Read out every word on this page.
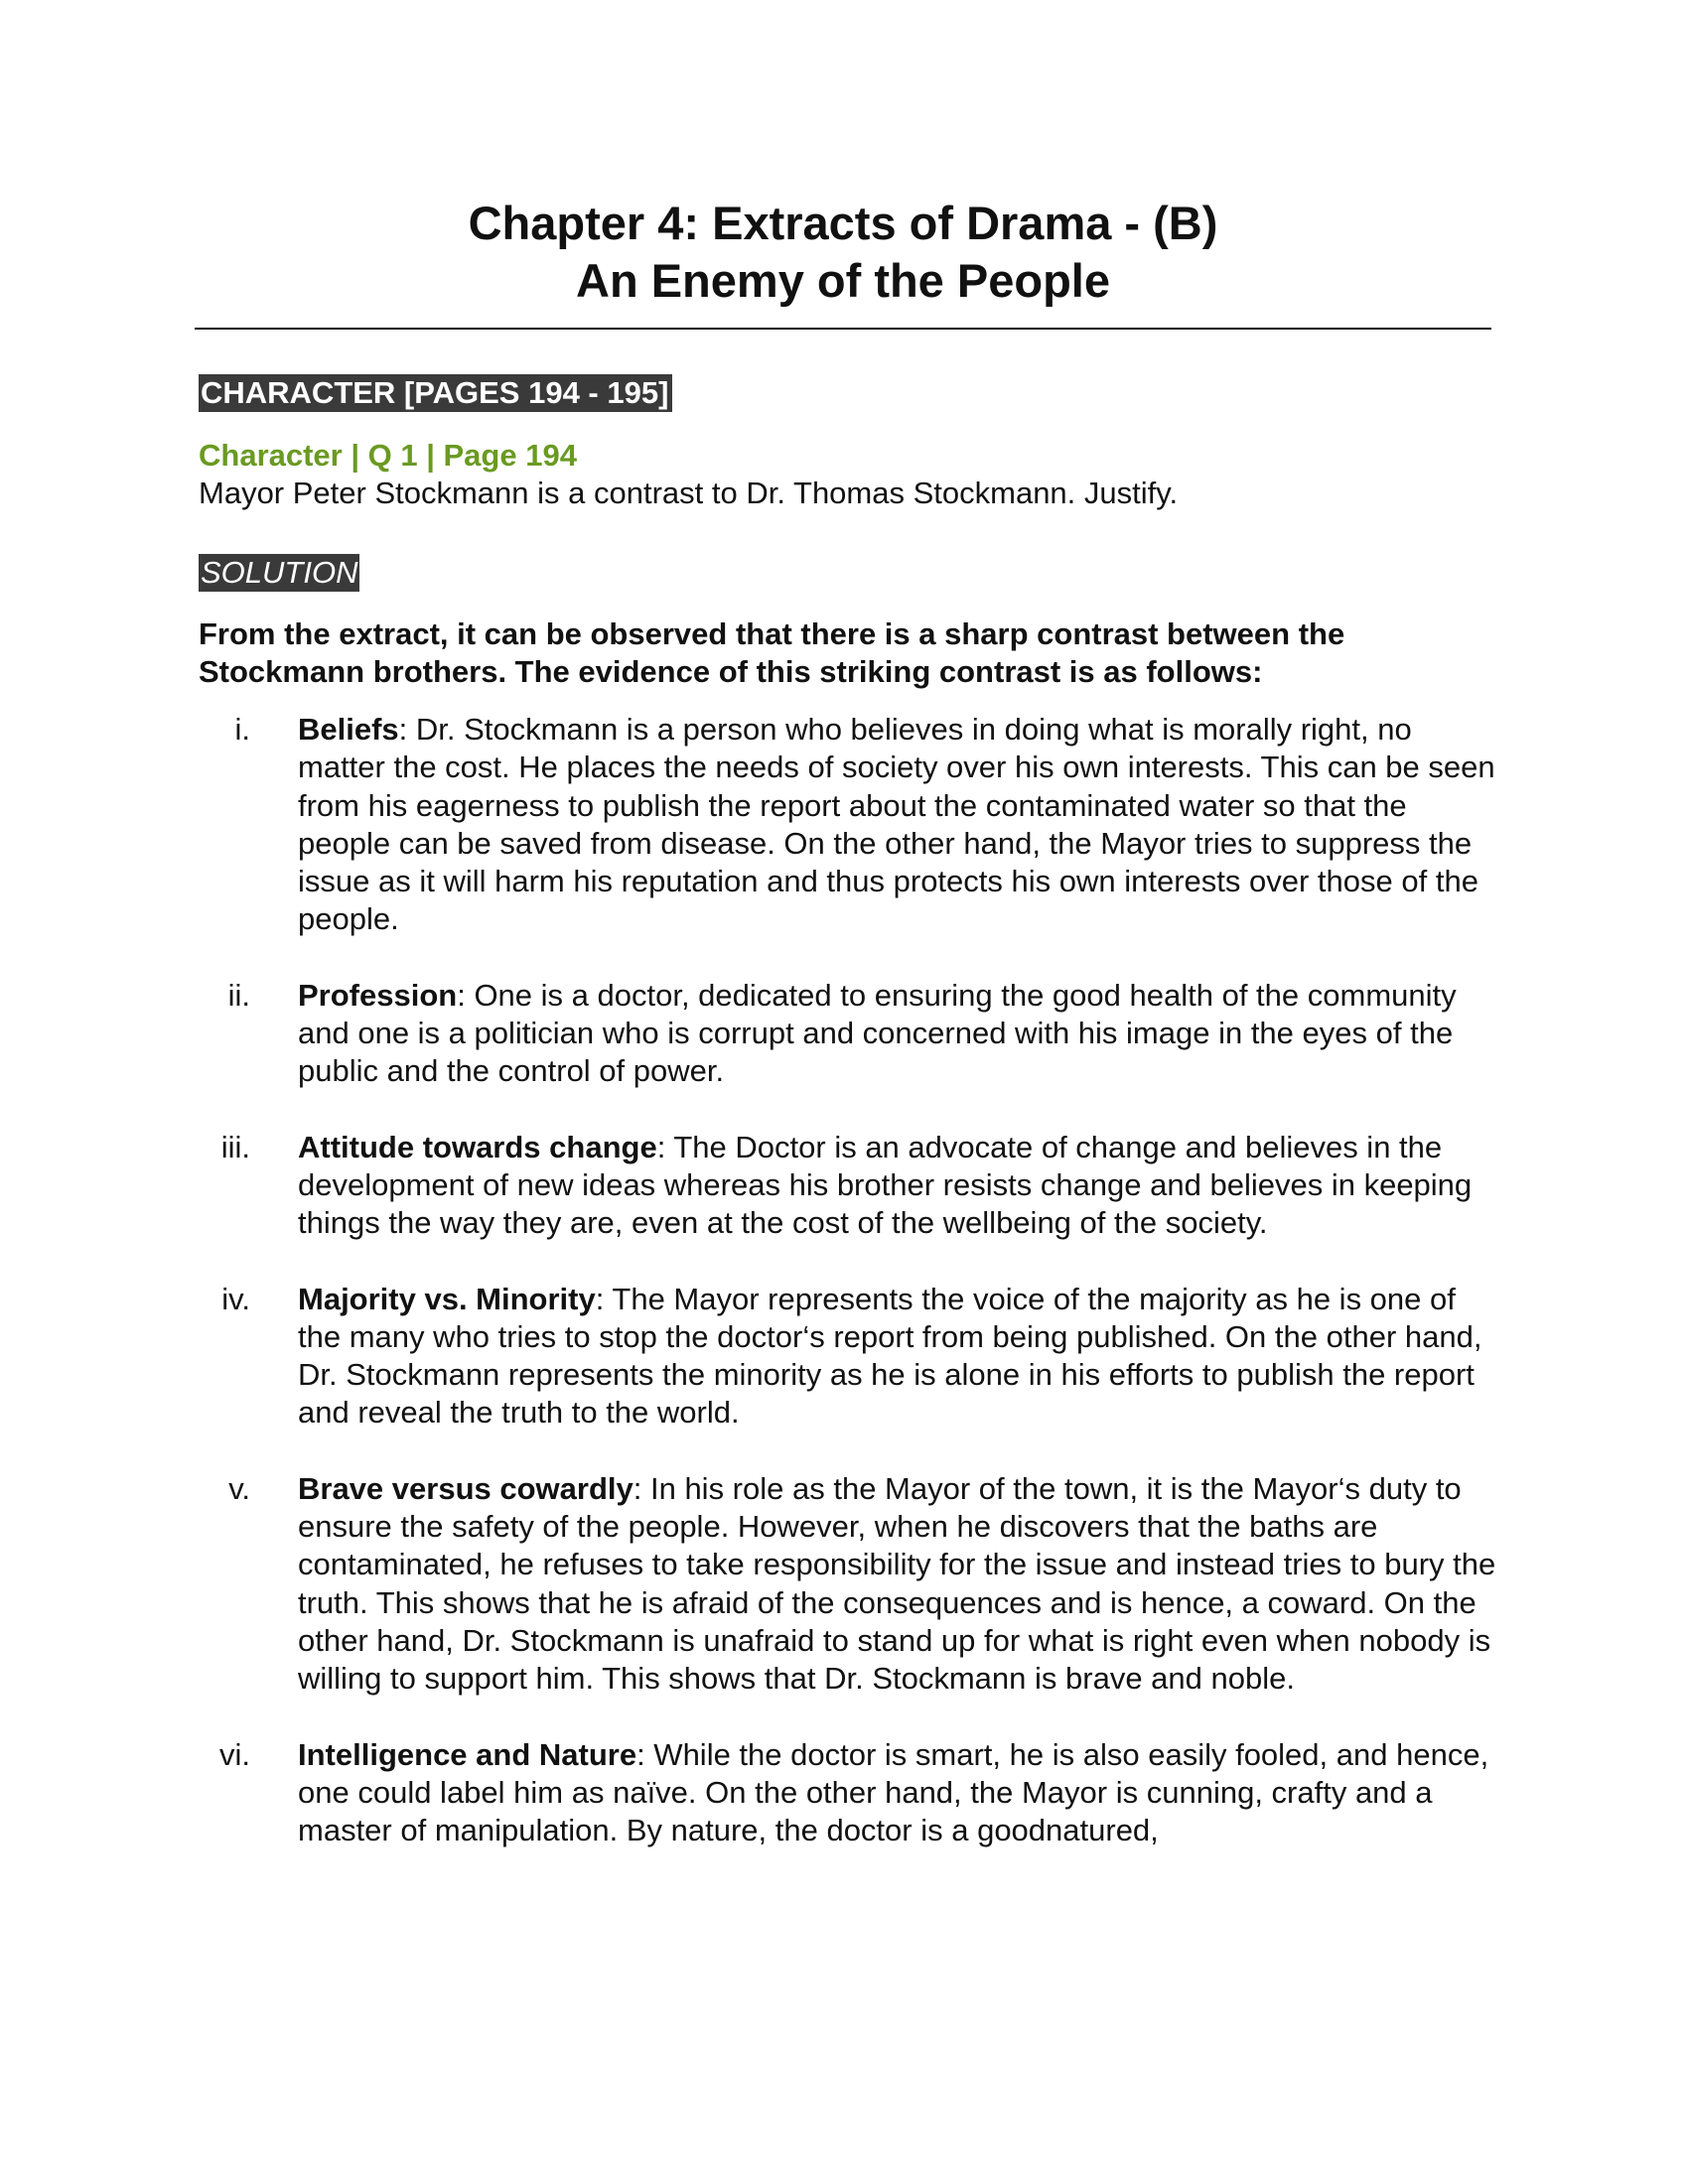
Chapter 4: Extracts of Drama - (B)
An Enemy of the People
CHARACTER [PAGES 194 - 195]
Character | Q 1 | Page 194
Mayor Peter Stockmann is a contrast to Dr. Thomas Stockmann. Justify.
SOLUTION
From the extract, it can be observed that there is a sharp contrast between the Stockmann brothers. The evidence of this striking contrast is as follows:
i. Beliefs: Dr. Stockmann is a person who believes in doing what is morally right, no matter the cost. He places the needs of society over his own interests. This can be seen from his eagerness to publish the report about the contaminated water so that the people can be saved from disease. On the other hand, the Mayor tries to suppress the issue as it will harm his reputation and thus protects his own interests over those of the people.
ii. Profession: One is a doctor, dedicated to ensuring the good health of the community and one is a politician who is corrupt and concerned with his image in the eyes of the public and the control of power.
iii. Attitude towards change: The Doctor is an advocate of change and believes in the development of new ideas whereas his brother resists change and believes in keeping things the way they are, even at the cost of the wellbeing of the society.
iv. Majority vs. Minority: The Mayor represents the voice of the majority as he is one of the many who tries to stop the doctor‘s report from being published. On the other hand, Dr. Stockmann represents the minority as he is alone in his efforts to publish the report and reveal the truth to the world.
v. Brave versus cowardly: In his role as the Mayor of the town, it is the Mayor‘s duty to ensure the safety of the people. However, when he discovers that the baths are contaminated, he refuses to take responsibility for the issue and instead tries to bury the truth. This shows that he is afraid of the consequences and is hence, a coward. On the other hand, Dr. Stockmann is unafraid to stand up for what is right even when nobody is willing to support him. This shows that Dr. Stockmann is brave and noble.
vi. Intelligence and Nature: While the doctor is smart, he is also easily fooled, and hence, one could label him as naïve. On the other hand, the Mayor is cunning, crafty and a master of manipulation. By nature, the doctor is a goodnatured,
